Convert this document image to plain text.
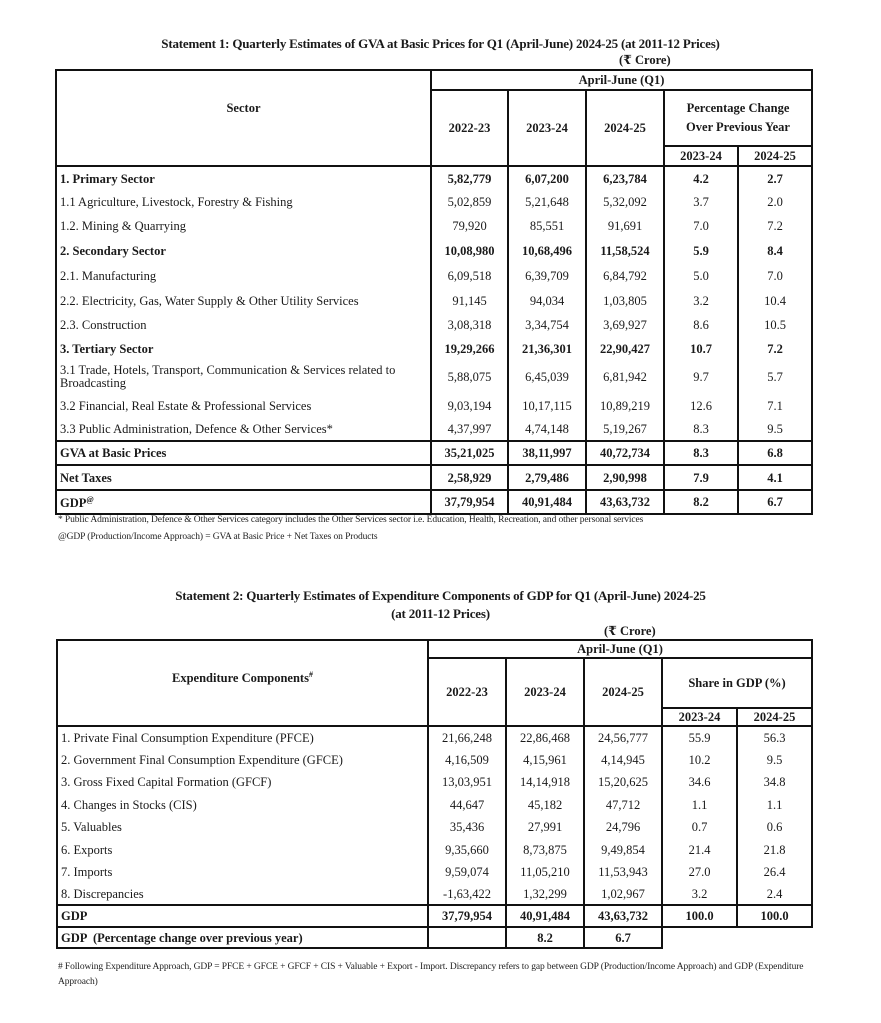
Statement 1: Quarterly Estimates of GVA at Basic Prices for Q1 (April-June) 2024-25 (at 2011-12 Prices)
(₹ Crore)
Sector	April-June (Q1)				
	2022-23	2023-24	2024-25	Percentage Change
Over Previous Year	

				2023-24	2024-25
1. Primary Sector	5,82,779	6,07,200	6,23,784	4.2	2.7
1.1 Agriculture, Livestock, Forestry & Fishing	5,02,859	5,21,648	5,32,092	3.7	2.0
1.2. Mining & Quarrying	79,920	85,551	91,691	7.0	7.2
2. Secondary Sector	10,08,980	10,68,496	11,58,524	5.9	8.4
2.1. Manufacturing	6,09,518	6,39,709	6,84,792	5.0	7.0
2.2. Electricity, Gas, Water Supply & Other Utility Services	91,145	94,034	1,03,805	3.2	10.4
2.3. Construction	3,08,318	3,34,754	3,69,927	8.6	10.5
3. Tertiary Sector	19,29,266	21,36,301	22,90,427	10.7	7.2
3.1 Trade, Hotels, Transport, Communication & Services related to Broadcasting	5,88,075	6,45,039	6,81,942	9.7	5.7
3.2 Financial, Real Estate & Professional Services	9,03,194	10,17,115	10,89,219	12.6	7.1
3.3 Public Administration, Defence & Other Services*	4,37,997	4,74,148	5,19,267	8.3	9.5
GVA at Basic Prices	35,21,025	38,11,997	40,72,734	8.3	6.8
Net Taxes	2,58,929	2,79,486	2,90,998	7.9	4.1
GDP@	37,79,954	40,91,484	43,63,732	8.2	6.7
* Public Administration, Defence & Other Services category includes the Other Services sector i.e. Education, Health, Recreation, and other personal services
@GDP (Production/Income Approach) = GVA at Basic Price + Net Taxes on Products
Statement 2: Quarterly Estimates of Expenditure Components of GDP for Q1 (April-June) 2024-25
(at 2011-12 Prices)
(₹ Crore)
Expenditure Components#	April-June (Q1)				
	2022-23	2023-24	2024-25	Share in GDP (%)	
				2023-24	2024-25
1. Private Final Consumption Expenditure (PFCE)	21,66,248	22,86,468	24,56,777	55.9	56.3
2. Government Final Consumption Expenditure (GFCE)	4,16,509	4,15,961	4,14,945	10.2	9.5
3. Gross Fixed Capital Formation (GFCF)	13,03,951	14,14,918	15,20,625	34.6	34.8
4. Changes in Stocks (CIS)	44,647	45,182	47,712	1.1	1.1
5. Valuables	35,436	27,991	24,796	0.7	0.6
6. Exports	9,35,660	8,73,875	9,49,854	21.4	21.8
7. Imports	9,59,074	11,05,210	11,53,943	27.0	26.4
8. Discrepancies	-1,63,422	1,32,299	1,02,967	3.2	2.4
GDP	37,79,954	40,91,484	43,63,732	100.0	100.0
GDP  (Percentage change over previous year)		8.2	6.7		
# Following Expenditure Approach, GDP = PFCE + GFCE + GFCF + CIS + Valuable + Export - Import. Discrepancy refers to gap between GDP (Production/Income Approach) and GDP (Expenditure Approach)
